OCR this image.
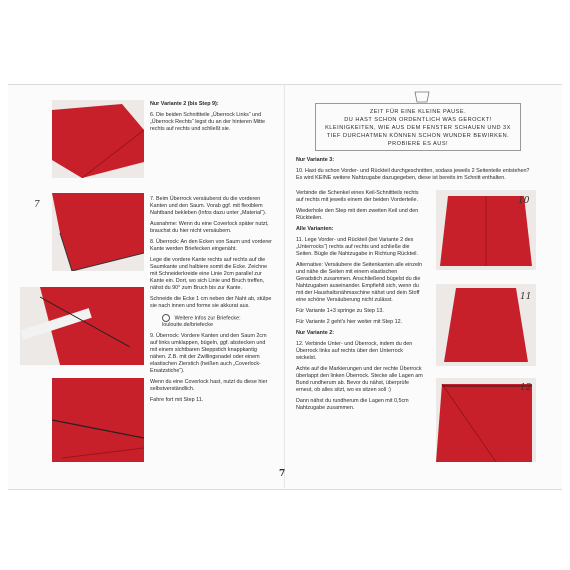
7

Nur Variante 2 (bis Step 9):

6. Die beiden Schnittteile „Überrock Links“ und „Überrock Rechts“ legst du an der hinteren Mitte rechts auf rechts und schließt sie.

7. Beim Überrock versäuberst du die vorderen Kanten und den Saum. Vorab ggf. mit flexiblem Nahtband bekleben (Infos dazu unter „Material“).

Ausnahme: Wenn du eine Coverlock später nutzt, brauchst du hier nicht versäubern.

8. Überrock: An den Ecken von Saum und vorderer Kante werden Briefecken eingenäht.

Lege die vordere Kante rechts auf rechts auf die Saumkante und halbiere somit die Ecke. Zeichne mit Schneiderkreide eine Linie 2cm parallel zur Kante ein. Dort, wo sich Linie und Bruch treffen, nähst du 90° zum Bruch bis zur Kante.

Schneide die Ecke 1 cm neben der Naht ab, stülpe sie nach innen und forme sie akkurat aus.

Weitere Infos zur Briefecke:
loulouite.de/briefecke

9. Überrock: Vordere Kanten und den Saum 2cm auf links umklappen, bügeln, ggf. abstecken und mit einem sichtbaren Steppstich knappkantig nähen. Z.B. mit der Zwillingsnadel oder einem elastischen Zierstich (heißen auch „Coverlock-Ersatzstiche“).

Wenn du eine Coverlock hast, nutzt du diese hier selbstverständlich.

Fahre fort mit Step 11.

ZEIT FÜR EINE KLEINE PAUSE.
DU HAST SCHON ORDENTLICH WAS GEROCKT! KLEINIGKEITEN, WIE AUS DEM FENSTER SCHAUEN UND 3X TIEF DURCHATMEN KÖNNEN SCHON WUNDER BEWIRKEN. PROBIERE ES AUS!

Nur Variante 3:

10. Hast du schon Vorder- und Rückteil durchgeschnitten, sodass jeweils 2 Seitenteile entstehen? Es wird KEINE weitere Nahtzugabe dazugegeben, diese ist bereits im Schnitt enthalten.

Verbinde die Schenkel eines Keil-Schnittteils rechts auf rechts mit jeweils einem der beiden Vorderteile.

Wiederhole den Step mit dem zweiten Keil und den Rückteilen.

Alle Varianten:

11. Lege Vorder- und Rückteil (bei Variante 2 des „Unterrocks“) rechts auf rechts und schließe die Seiten. Bügle die Nahtzugabe in Richtung Rückteil.

Alternative: Versäubere die Seitenkanten alle einzeln und nähe die Seiten mit einem elastischen Geradstich zusammen. Anschließend bügelst du die Nahtzugaben auseinander. Empfiehlt sich, wenn du mit der Haushaltsnähmaschine nähst und dein Stoff eine schöne Versäuberung nicht zulässt.

Für Variante 1+3 springe zu Step 13.

Für Variante 2 geht's hier weiter mit Step 12.

Nur Variante 2:

12. Verbinde Unter- und Überrock, indem du den Überrock links auf rechts über den Unterrock wickelst.

Achte auf die Markierungen und der rechte Überrock überlappt den linken Überrock. Stecke alle Lagen am Bund rundherum ab. Bevor du nähst, überprüfe erneut, ob alles sitzt, wo es sitzen soll :)

Dann nähst du rundherum die Lagen mit 0,5cm Nahtzugabe zusammen.

10
11
12
7
